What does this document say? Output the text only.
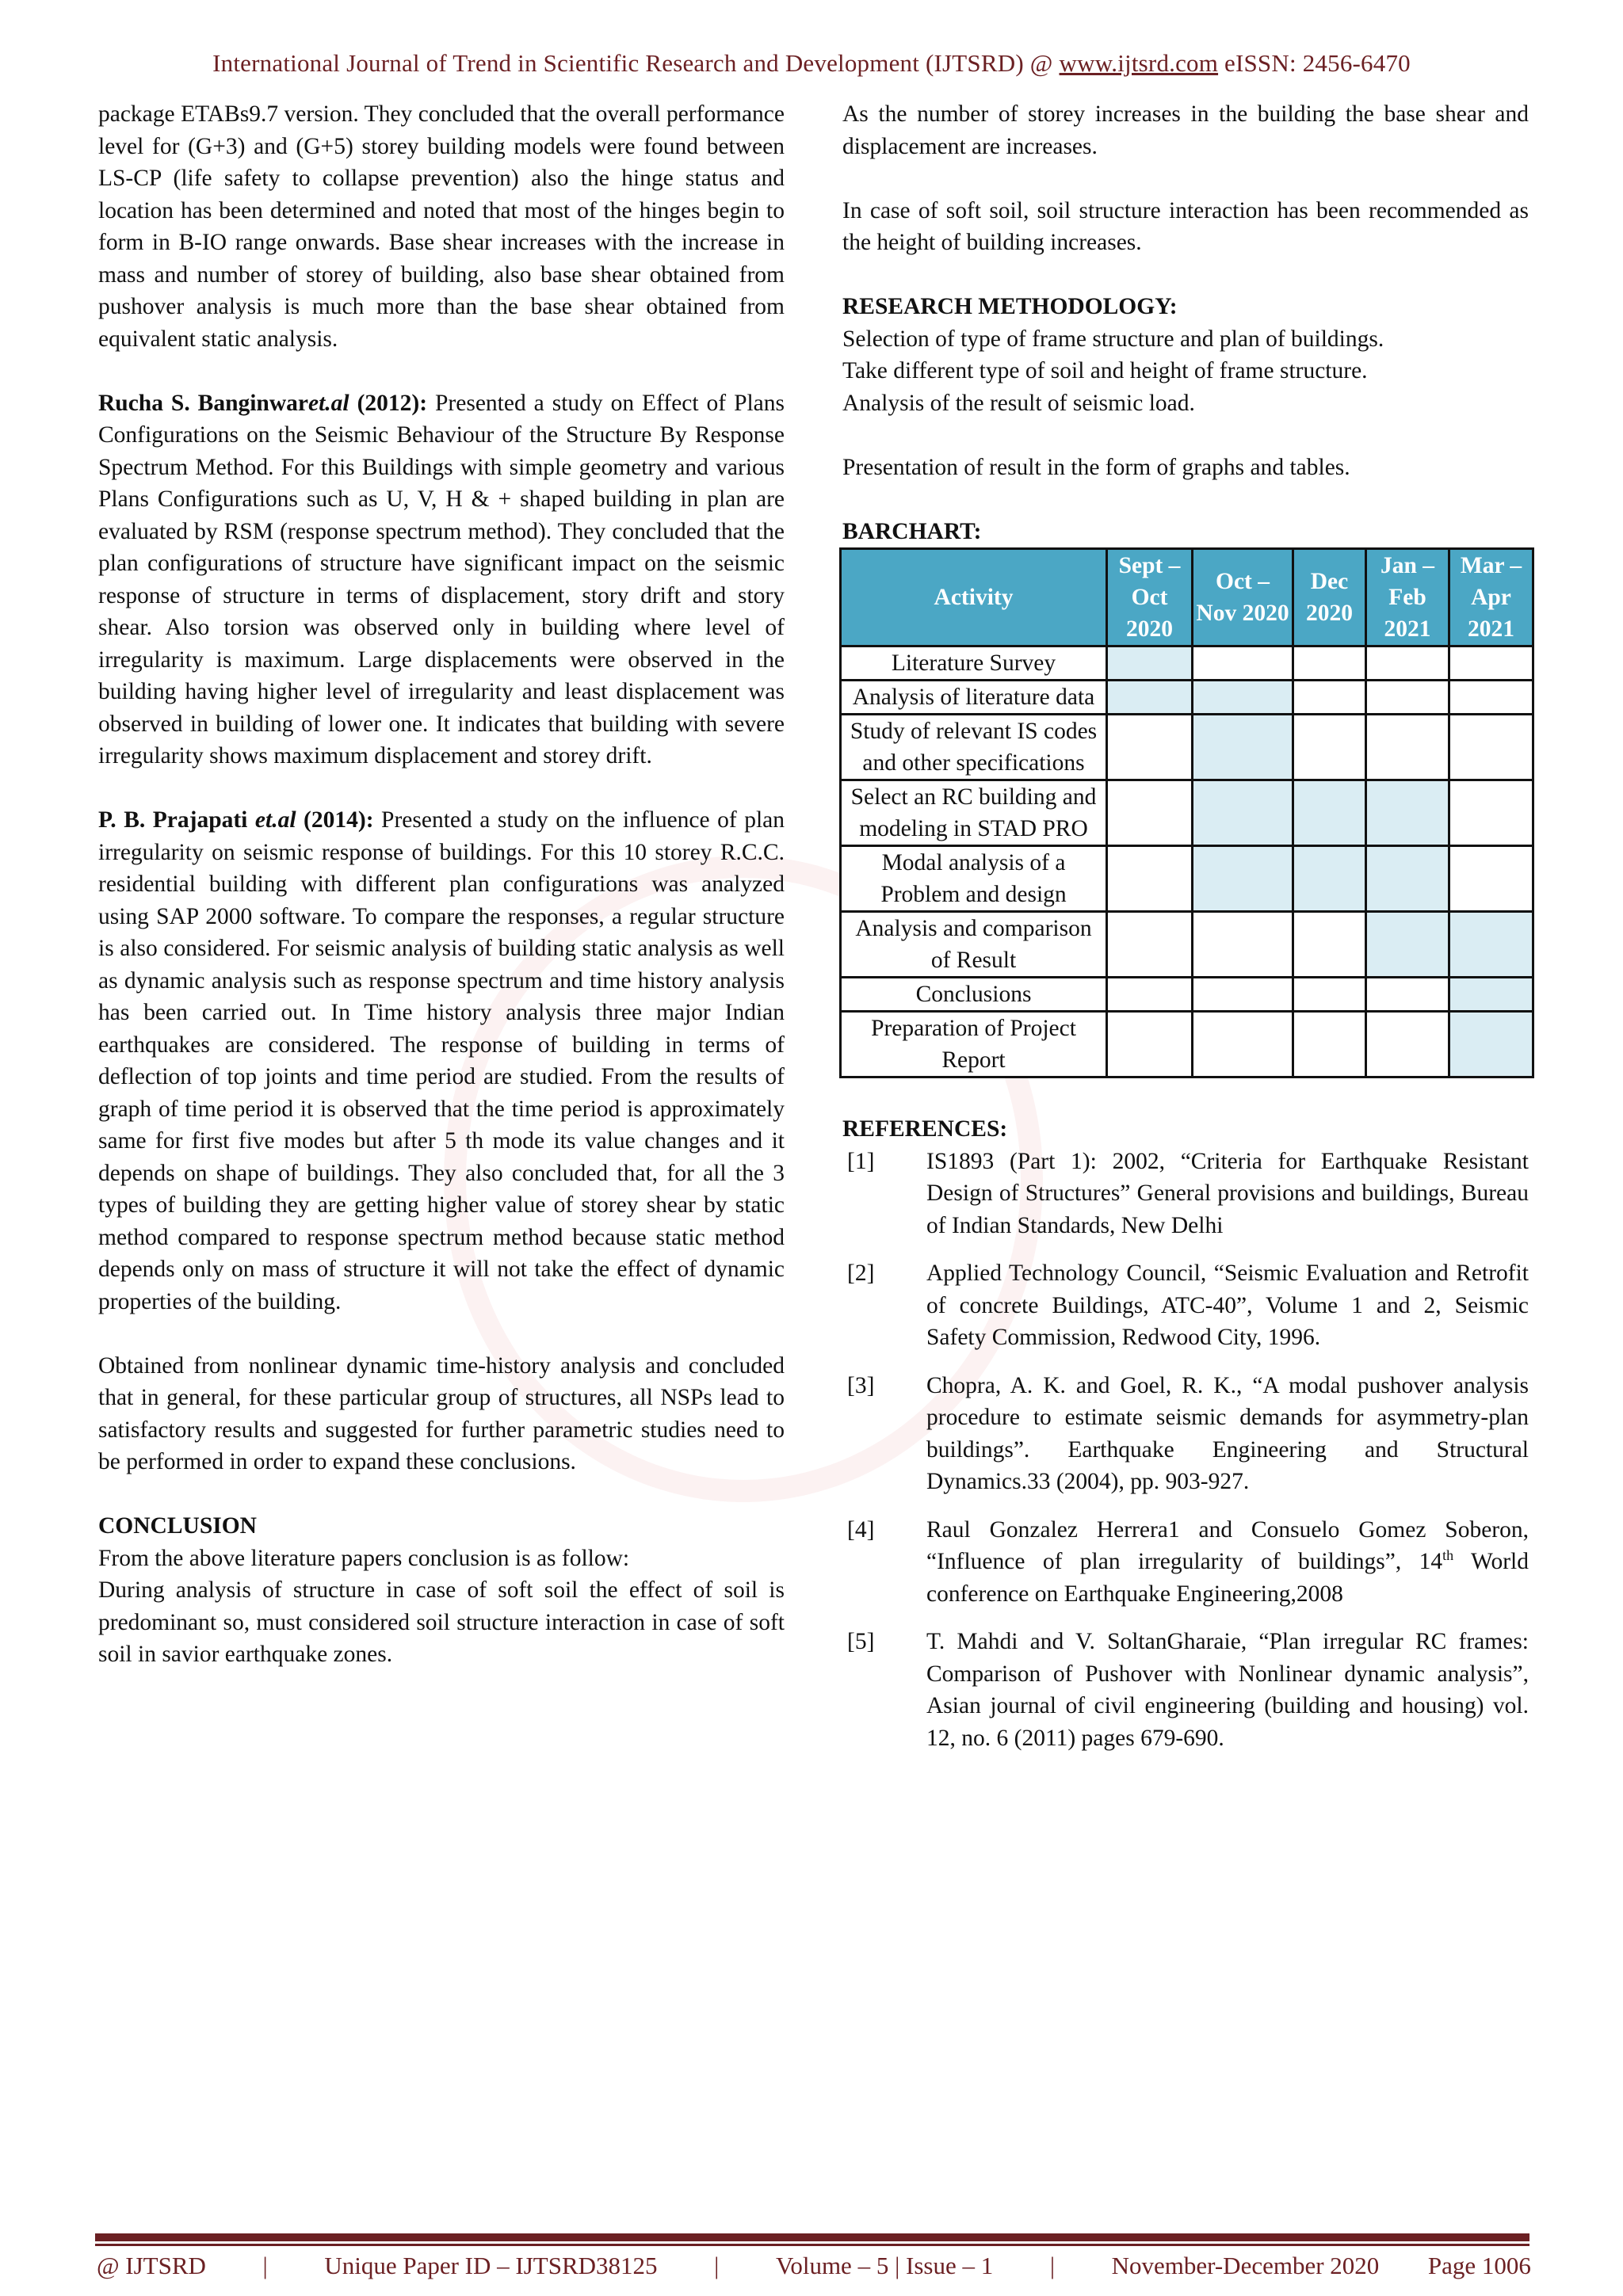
International Journal of Trend in Scientific Research and Development (IJTSRD) @ www.ijtsrd.com eISSN: 2456-6470

package ETABs9.7 version. They concluded that the overall performance level for (G+3) and (G+5) storey building models were found between LS-CP (life safety to collapse prevention) also the hinge status and location has been determined and noted that most of the hinges begin to form in B-IO range onwards. Base shear increases with the increase in mass and number of storey of building, also base shear obtained from pushover analysis is much more than the base shear obtained from equivalent static analysis.

Rucha S. Banginwaret.al (2012): Presented a study on Effect of Plans Configurations on the Seismic Behaviour of the Structure By Response Spectrum Method. For this Buildings with simple geometry and various Plans Configurations such as U, V, H & + shaped building in plan are evaluated by RSM (response spectrum method). They concluded that the plan configurations of structure have significant impact on the seismic response of structure in terms of displacement, story drift and story shear. Also torsion was observed only in building where level of irregularity is maximum. Large displacements were observed in the building having higher level of irregularity and least displacement was observed in building of lower one. It indicates that building with severe irregularity shows maximum displacement and storey drift.

P. B. Prajapati et.al (2014): Presented a study on the influence of plan irregularity on seismic response of buildings. For this 10 storey R.C.C. residential building with different plan configurations was analyzed using SAP 2000 software. To compare the responses, a regular structure is also considered. For seismic analysis of building static analysis as well as dynamic analysis such as response spectrum and time history analysis has been carried out. In Time history analysis three major Indian earthquakes are considered. The response of building in terms of deflection of top joints and time period are studied. From the results of graph of time period it is observed that the time period is approximately same for first five modes but after 5 th mode its value changes and it depends on shape of buildings. They also concluded that, for all the 3 types of building they are getting higher value of storey shear by static method compared to response spectrum method because static method depends only on mass of structure it will not take the effect of dynamic properties of the building.

Obtained from nonlinear dynamic time-history analysis and concluded that in general, for these particular group of structures, all NSPs lead to satisfactory results and suggested for further parametric studies need to be performed in order to expand these conclusions.

CONCLUSION
From the above literature papers conclusion is as follow:
During analysis of structure in case of soft soil the effect of soil is predominant so, must considered soil structure interaction in case of soft soil in savior earthquake zones.

As the number of storey increases in the building the base shear and displacement are increases.

In case of soft soil, soil structure interaction has been recommended as the height of building increases.

RESEARCH METHODOLOGY:
Selection of type of frame structure and plan of buildings.
Take different type of soil and height of frame structure.
Analysis of the result of seismic load.
Presentation of result in the form of graphs and tables.
BARCHART:
Activity	Sept – Oct 2020	Oct – Nov 2020	Dec 2020	Jan – Feb 2021	Mar – Apr 2021
Literature Survey					
Analysis of literature data					
Study of relevant IS codes and other specifications					
Select an RC building and modeling in STAD PRO					
Modal analysis of a Problem and design					
Analysis and comparison of Result					
Conclusions					
Preparation of Project Report					
REFERENCES:
[1]	IS1893 (Part 1): 2002, “Criteria for Earthquake Resistant Design of Structures” General provisions and buildings, Bureau of Indian Standards, New Delhi
[2]	Applied Technology Council, “Seismic Evaluation and Retrofit of concrete Buildings, ATC-40”, Volume 1 and 2, Seismic Safety Commission, Redwood City, 1996.
[3]	Chopra, A. K. and Goel, R. K., “A modal pushover analysis procedure to estimate seismic demands for asymmetry-plan buildings”. Earthquake Engineering and Structural Dynamics.33 (2004), pp. 903-927.
[4]	Raul Gonzalez Herrera1 and Consuelo Gomez Soberon, “Influence of plan irregularity of buildings”, 14th World conference on Earthquake Engineering,2008
[5]	T. Mahdi and V. SoltanGharaie, “Plan irregular RC frames: Comparison of Pushover with Nonlinear dynamic analysis”, Asian journal of civil engineering (building and housing) vol. 12, no. 6 (2011) pages 679-690.
@ IJTSRD	|	Unique Paper ID – IJTSRD38125	|	Volume – 5 | Issue – 1	|	November-December 2020 Page 1006
